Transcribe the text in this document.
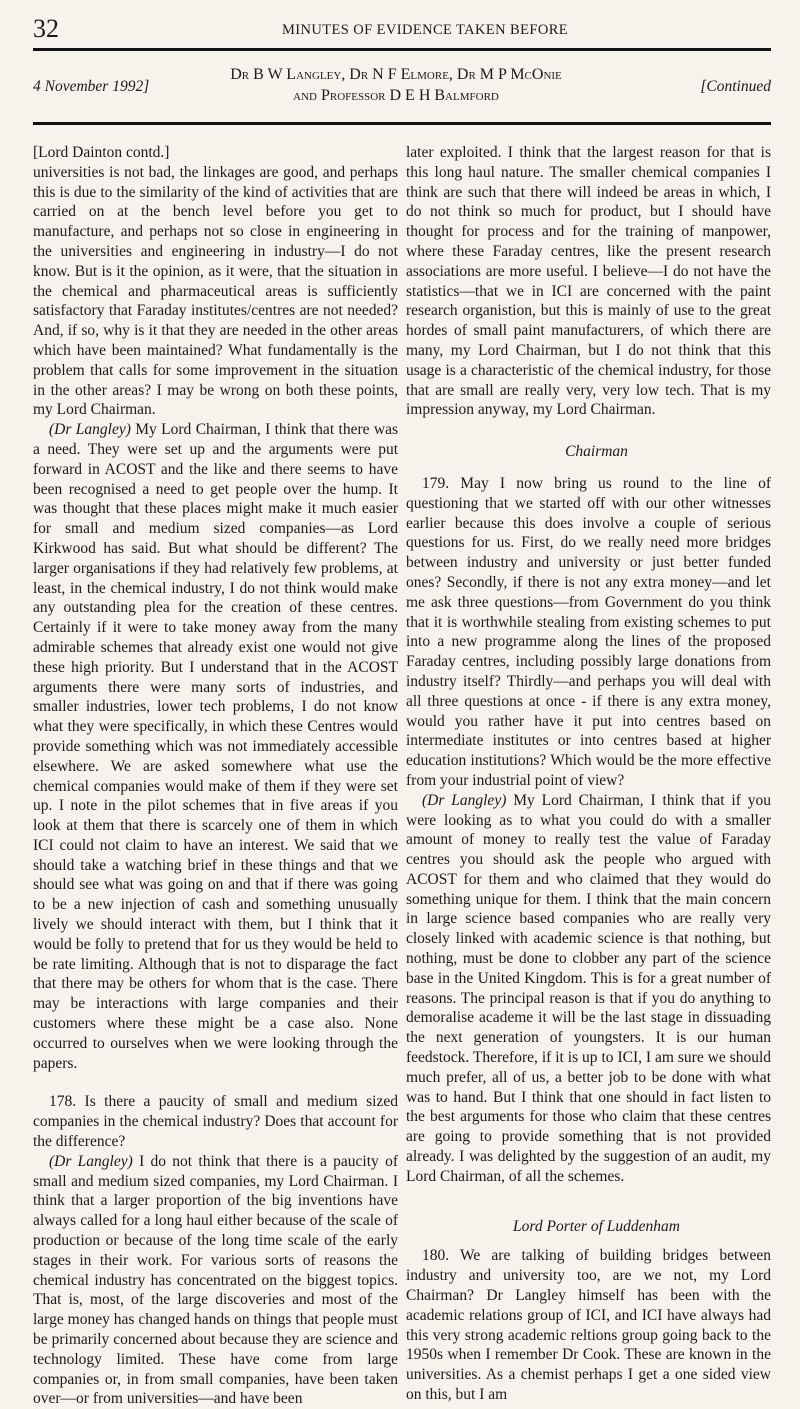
32	MINUTES OF EVIDENCE TAKEN BEFORE
4 November 1992]
Dr B W Langley, Dr N F Elmore, Dr M P McOnie
and Professor D E H Balmford
[Continued

[Lord Dainton contd.]

universities is not bad, the linkages are good, and perhaps this is due to the similarity of the kind of activities that are carried on at the bench level before you get to manufacture, and perhaps not so close in engineering in the universities and engineering in industry—I do not know. But is it the opinion, as it were, that the situation in the chemical and pharmaceutical areas is sufficiently satisfactory that Faraday institutes/centres are not needed? And, if so, why is it that they are needed in the other areas which have been maintained? What fundamentally is the problem that calls for some improvement in the situation in the other areas? I may be wrong on both these points, my Lord Chairman.

(Dr Langley) My Lord Chairman, I think that there was a need. They were set up and the arguments were put forward in ACOST and the like and there seems to have been recognised a need to get people over the hump. It was thought that these places might make it much easier for small and medium sized companies—as Lord Kirkwood has said. But what should be different? The larger organisations if they had relatively few problems, at least, in the chemical industry, I do not think would make any outstanding plea for the creation of these centres. Certainly if it were to take money away from the many admirable schemes that already exist one would not give these high priority. But I understand that in the ACOST arguments there were many sorts of industries, and smaller industries, lower tech problems, I do not know what they were specifically, in which these Centres would provide something which was not immediately accessible elsewhere. We are asked somewhere what use the chemical companies would make of them if they were set up. I note in the pilot schemes that in five areas if you look at them that there is scarcely one of them in which ICI could not claim to have an interest. We said that we should take a watching brief in these things and that we should see what was going on and that if there was going to be a new injection of cash and something unusually lively we should interact with them, but I think that it would be folly to pretend that for us they would be held to be rate limiting. Although that is not to disparage the fact that there may be others for whom that is the case. There may be interactions with large companies and their customers where these might be a case also. None occurred to ourselves when we were looking through the papers.

178. Is there a paucity of small and medium sized companies in the chemical industry? Does that account for the difference?

(Dr Langley) I do not think that there is a paucity of small and medium sized companies, my Lord Chairman. I think that a larger proportion of the big inventions have always called for a long haul either because of the scale of production or because of the long time scale of the early stages in their work. For various sorts of reasons the chemical industry has concentrated on the biggest topics. That is, most, of the large discoveries and most of the large money has changed hands on things that people must be primarily concerned about because they are science and technology limited. These have come from large companies or, in from small companies, have been taken over—or from universities—and have been

later exploited. I think that the largest reason for that is this long haul nature. The smaller chemical companies I think are such that there will indeed be areas in which, I do not think so much for product, but I should have thought for process and for the training of manpower, where these Faraday centres, like the present research associations are more useful. I believe—I do not have the statistics—that we in ICI are concerned with the paint research organistion, but this is mainly of use to the great hordes of small paint manufacturers, of which there are many, my Lord Chairman, but I do not think that this usage is a characteristic of the chemical industry, for those that are small are really very, very low tech. That is my impression anyway, my Lord Chairman.

Chairman

179. May I now bring us round to the line of questioning that we started off with our other witnesses earlier because this does involve a couple of serious questions for us. First, do we really need more bridges between industry and university or just better funded ones? Secondly, if there is not any extra money—and let me ask three questions—from Government do you think that it is worthwhile stealing from existing schemes to put into a new programme along the lines of the proposed Faraday centres, including possibly large donations from industry itself? Thirdly—and perhaps you will deal with all three questions at once - if there is any extra money, would you rather have it put into centres based on intermediate institutes or into centres based at higher education institutions? Which would be the more effective from your industrial point of view?

(Dr Langley) My Lord Chairman, I think that if you were looking as to what you could do with a smaller amount of money to really test the value of Faraday centres you should ask the people who argued with ACOST for them and who claimed that they would do something unique for them. I think that the main concern in large science based companies who are really very closely linked with academic science is that nothing, but nothing, must be done to clobber any part of the science base in the United Kingdom. This is for a great number of reasons. The principal reason is that if you do anything to demoralise academe it will be the last stage in dissuading the next generation of youngsters. It is our human feedstock. Therefore, if it is up to ICI, I am sure we should much prefer, all of us, a better job to be done with what was to hand. But I think that one should in fact listen to the best arguments for those who claim that these centres are going to provide something that is not provided already. I was delighted by the suggestion of an audit, my Lord Chairman, of all the schemes.

Lord Porter of Luddenham

180. We are talking of building bridges between industry and university too, are we not, my Lord Chairman? Dr Langley himself has been with the academic relations group of ICI, and ICI have always had this very strong academic reltions group going back to the 1950s when I remember Dr Cook. These are known in the universities. As a chemist perhaps I get a one sided view on this, but I am
